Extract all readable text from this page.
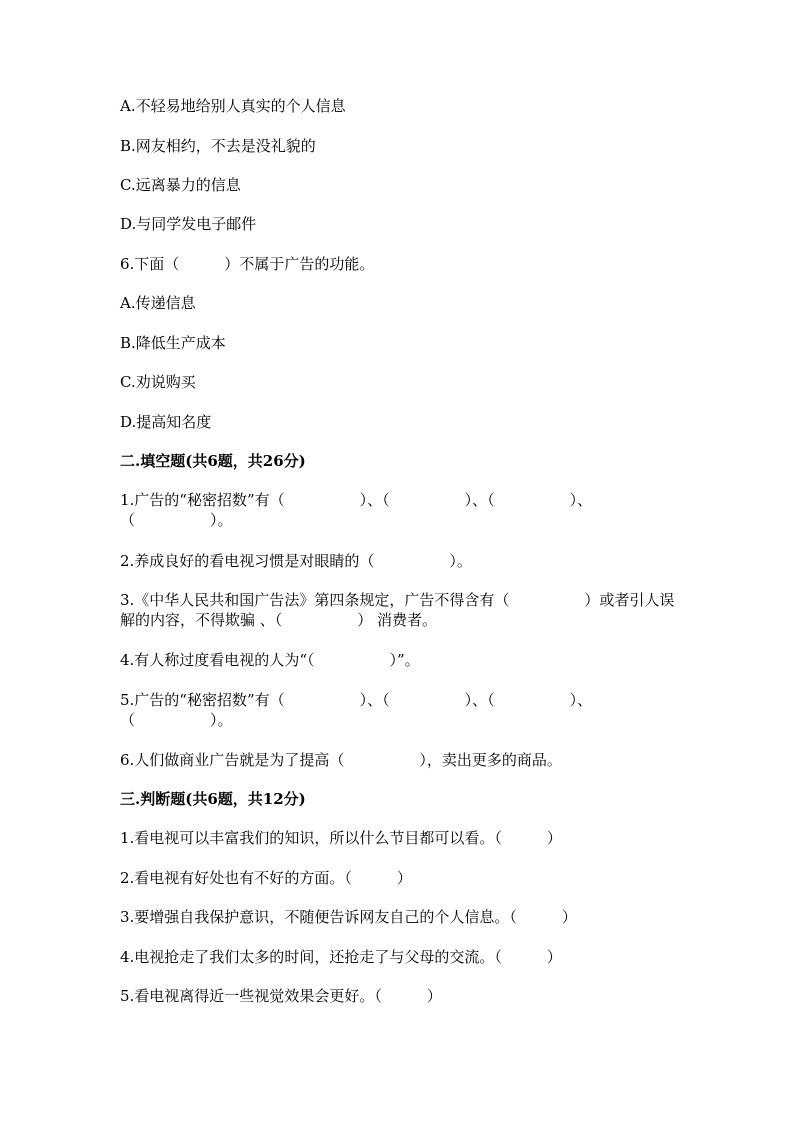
A.不轻易地给别人真实的个人信息
B.网友相约，不去是没礼貌的
C.远离暴力的信息
D.与同学发电子邮件
6.下面（　　　）不属于广告的功能。
A.传递信息
B.降低生产成本
C.劝说购买
D.提高知名度
二.填空题(共6题，共26分)
1.广告的“秘密招数”有（　　　　　）、（　　　　　）、（　　　　　）、（　　　　　）。
2.养成良好的看电视习惯是对眼睛的（　　　　　）。
3.《中华人民共和国广告法》第四条规定，广告不得含有（　　　　　）或者引人误解的内容，不得欺骗 、（　　　　　） 消费者。
4.有人称过度看电视的人为“（　　　　　）”。
5.广告的“秘密招数”有（　　　　　）、（　　　　　）、（　　　　　）、（　　　　　）。
6.人们做商业广告就是为了提高（　　　　　），卖出更多的商品。
三.判断题(共6题，共12分)
1.看电视可以丰富我们的知识，所以什么节目都可以看。（　　　）
2.看电视有好处也有不好的方面。（　　　）
3.要增强自我保护意识，不随便告诉网友自己的个人信息。（　　　）
4.电视抢走了我们太多的时间，还抢走了与父母的交流。（　　　）
5.看电视离得近一些视觉效果会更好。（　　　）
